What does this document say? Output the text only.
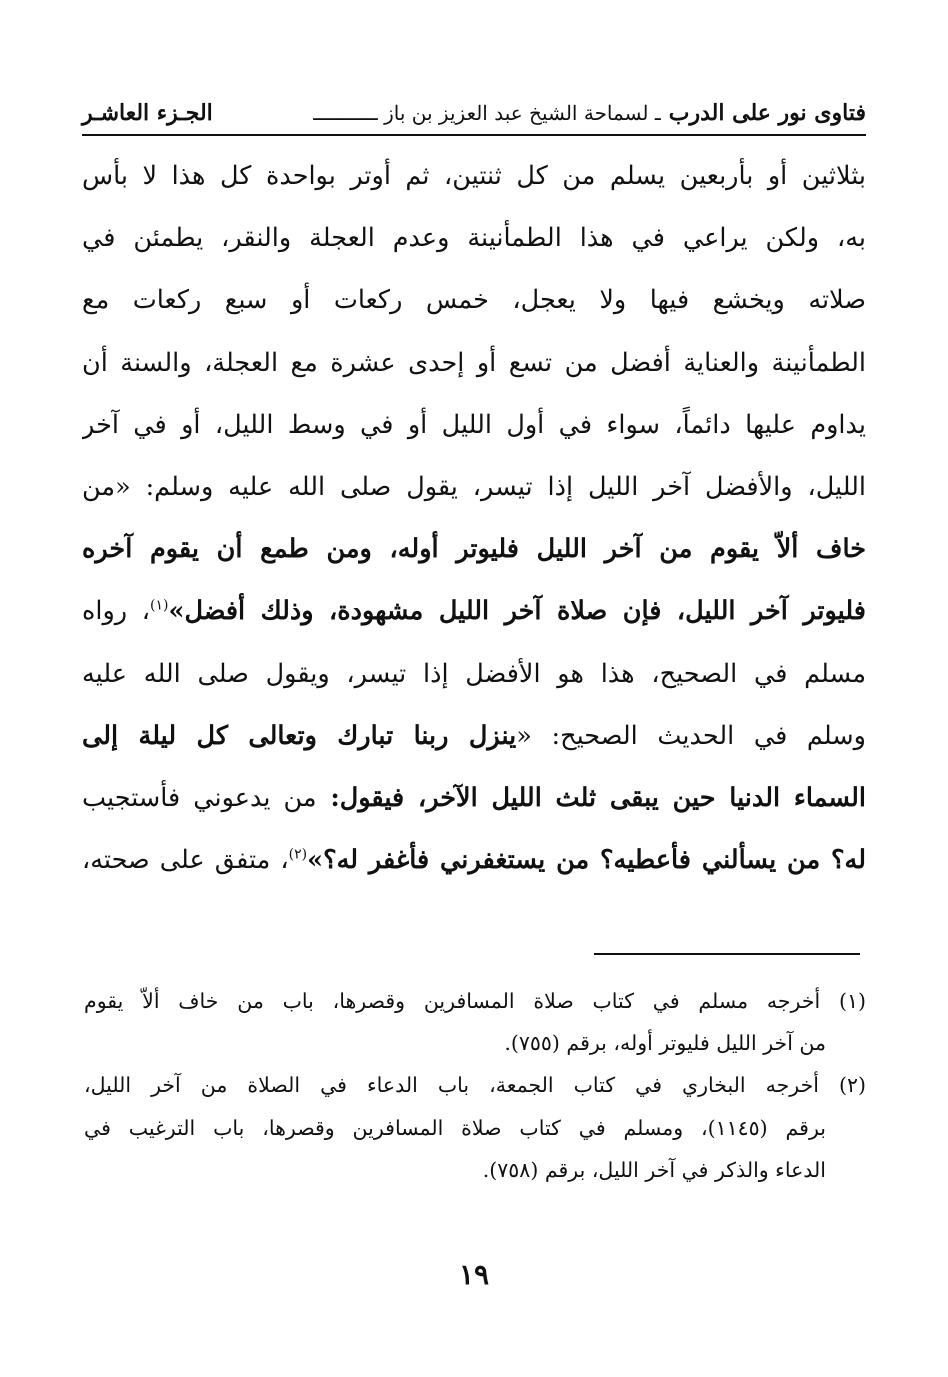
فتاوى نور على الدرب
ـ لسماحة الشيخ عبد العزيز بن باز ـــــــــــ
الجـزء العاشـر
بثلاثين أو بأربعين يسلم من كل ثنتين، ثم أوتر بواحدة كل هذا لا بأس
به، ولكن يراعي في هذا الطمأنينة وعدم العجلة والنقر، يطمئن في
صلاته ويخشع فيها ولا يعجل، خمس ركعات أو سبع ركعات مع
الطمأنينة والعناية أفضل من تسع أو إحدى عشرة مع العجلة، والسنة أن
يداوم عليها دائماً، سواء في أول الليل أو في وسط الليل، أو في آخر
الليل، والأفضل آخر الليل إذا تيسر، يقول صلى الله عليه وسلم: «من
خاف ألاّ يقوم من آخر الليل فليوتر أوله، ومن طمع أن يقوم آخره
فليوتر آخر الليل، فإن صلاة آخر الليل مشهودة، وذلك أفضل»$^{(١)}$، رواه
مسلم في الصحيح، هذا هو الأفضل إذا تيسر، ويقول صلى الله عليه
وسلم في الحديث الصحيح: «ينزل ربنا تبارك وتعالى كل ليلة إلى
السماء الدنيا حين يبقى ثلث الليل الآخر، فيقول: من يدعوني فأستجيب
له؟ من يسألني فأعطيه؟ من يستغفرني فأغفر له؟»$^{(٢)}$، متفق على صحته،
(١) أخرجه مسلم في كتاب صلاة المسافرين وقصرها، باب من خاف ألاّ يقوم
من آخر الليل فليوتر أوله، برقم (٧٥٥).
(٢) أخرجه البخاري في كتاب الجمعة، باب الدعاء في الصلاة من آخر الليل،
برقم (١١٤٥)، ومسلم في كتاب صلاة المسافرين وقصرها، باب الترغيب في
الدعاء والذكر في آخر الليل، برقم (٧٥٨).
١٩
